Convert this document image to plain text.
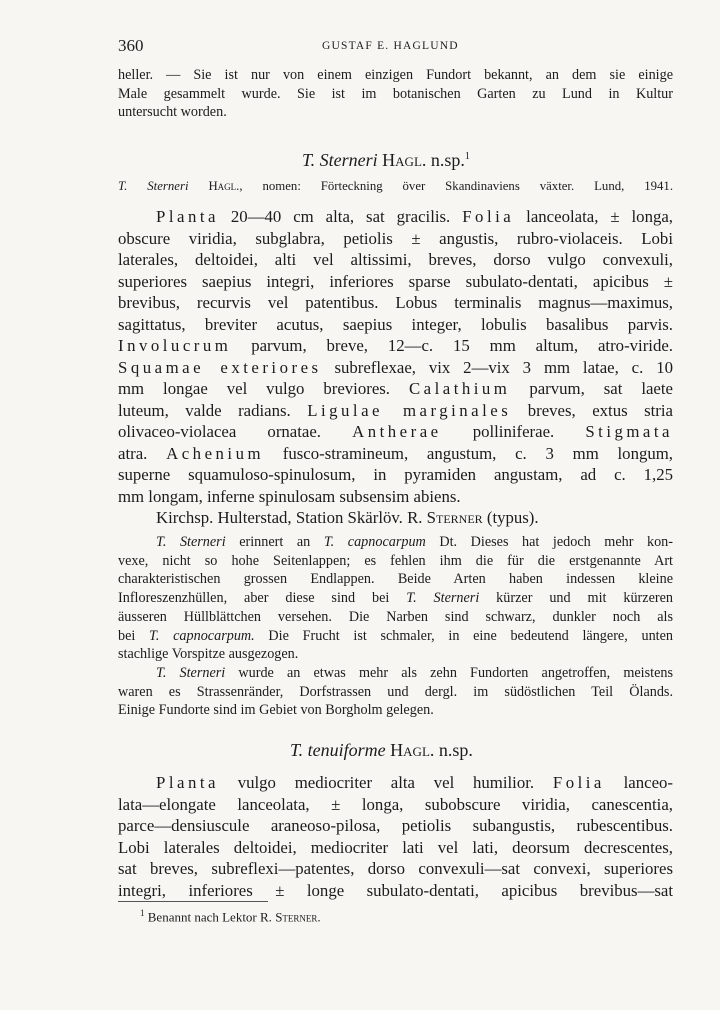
360	GUSTAF E. HAGLUND
heller. — Sie ist nur von einem einzigen Fundort bekannt, an dem sie einige
Male gesammelt wurde. Sie ist im botanischen Garten zu Lund in Kultur
untersucht worden.
T. Sterneri Hagl. n.sp.$^1$
T. Sterneri Hagl., nomen: Förteckning över Skandinaviens växter. Lund, 1941.
Planta 20—40 cm alta, sat gracilis. Folia lanceolata, ± longa,
obscure viridia, subglabra, petiolis ± angustis, rubro-violaceis. Lobi
laterales, deltoidei, alti vel altissimi, breves, dorso vulgo convexuli,
superiores saepius integri, inferiores sparse subulato-dentati, apicibus ±
brevibus, recurvis vel patentibus. Lobus terminalis magnus—maximus,
sagittatus, breviter acutus, saepius integer, lobulis basalibus parvis.
Involucrum parvum, breve, 12—c. 15 mm altum, atro-viride.
Squamae exteriores subreflexae, vix 2—vix 3 mm latae, c. 10
mm longae vel vulgo breviores. Calathium parvum, sat laete
luteum, valde radians. Ligulae marginales breves, extus stria
olivaceo-violacea ornatae. Antherae polliniferae. Stigmata
atra. Achenium fusco-stramineum, angustum, c. 3 mm longum,
superne squamuloso-spinulosum, in pyramiden angustam, ad c. 1,25
mm longam, inferne spinulosam subsensim abiens.
Kirchsp. Hulterstad, Station Skärlöv. R. Sterner (typus).
T. Sterneri erinnert an T. capnocarpum Dt. Dieses hat jedoch mehr kon-
vexe, nicht so hohe Seitenlappen; es fehlen ihm die für die erstgenannte Art
charakteristischen grossen Endlappen. Beide Arten haben indessen kleine
Infloreszenzhüllen, aber diese sind bei T. Sterneri kürzer und mit kürzeren
äusseren Hüllblättchen versehen. Die Narben sind schwarz, dunkler noch als
bei T. capnocarpum. Die Frucht ist schmaler, in eine bedeutend längere, unten
stachlige Vorspitze ausgezogen.
T. Sterneri wurde an etwas mehr als zehn Fundorten angetroffen, meistens
waren es Strassenränder, Dorfstrassen und dergl. im südöstlichen Teil Ölands.
Einige Fundorte sind im Gebiet von Borgholm gelegen.
T. tenuiforme Hagl. n.sp.
Planta vulgo mediocriter alta vel humilior. Folia lanceo-
lata—elongate lanceolata, ± longa, subobscure viridia, canescentia,
parce—densiuscule araneoso-pilosa, petiolis subangustis, rubescentibus.
Lobi laterales deltoidei, mediocriter lati vel lati, deorsum decrescentes,
sat breves, subreflexi—patentes, dorso convexuli—sat convexi, superiores
integri, inferiores ± longe subulato-dentati, apicibus brevibus—sat
$^1$ Benannt nach Lektor R. Sterner.
